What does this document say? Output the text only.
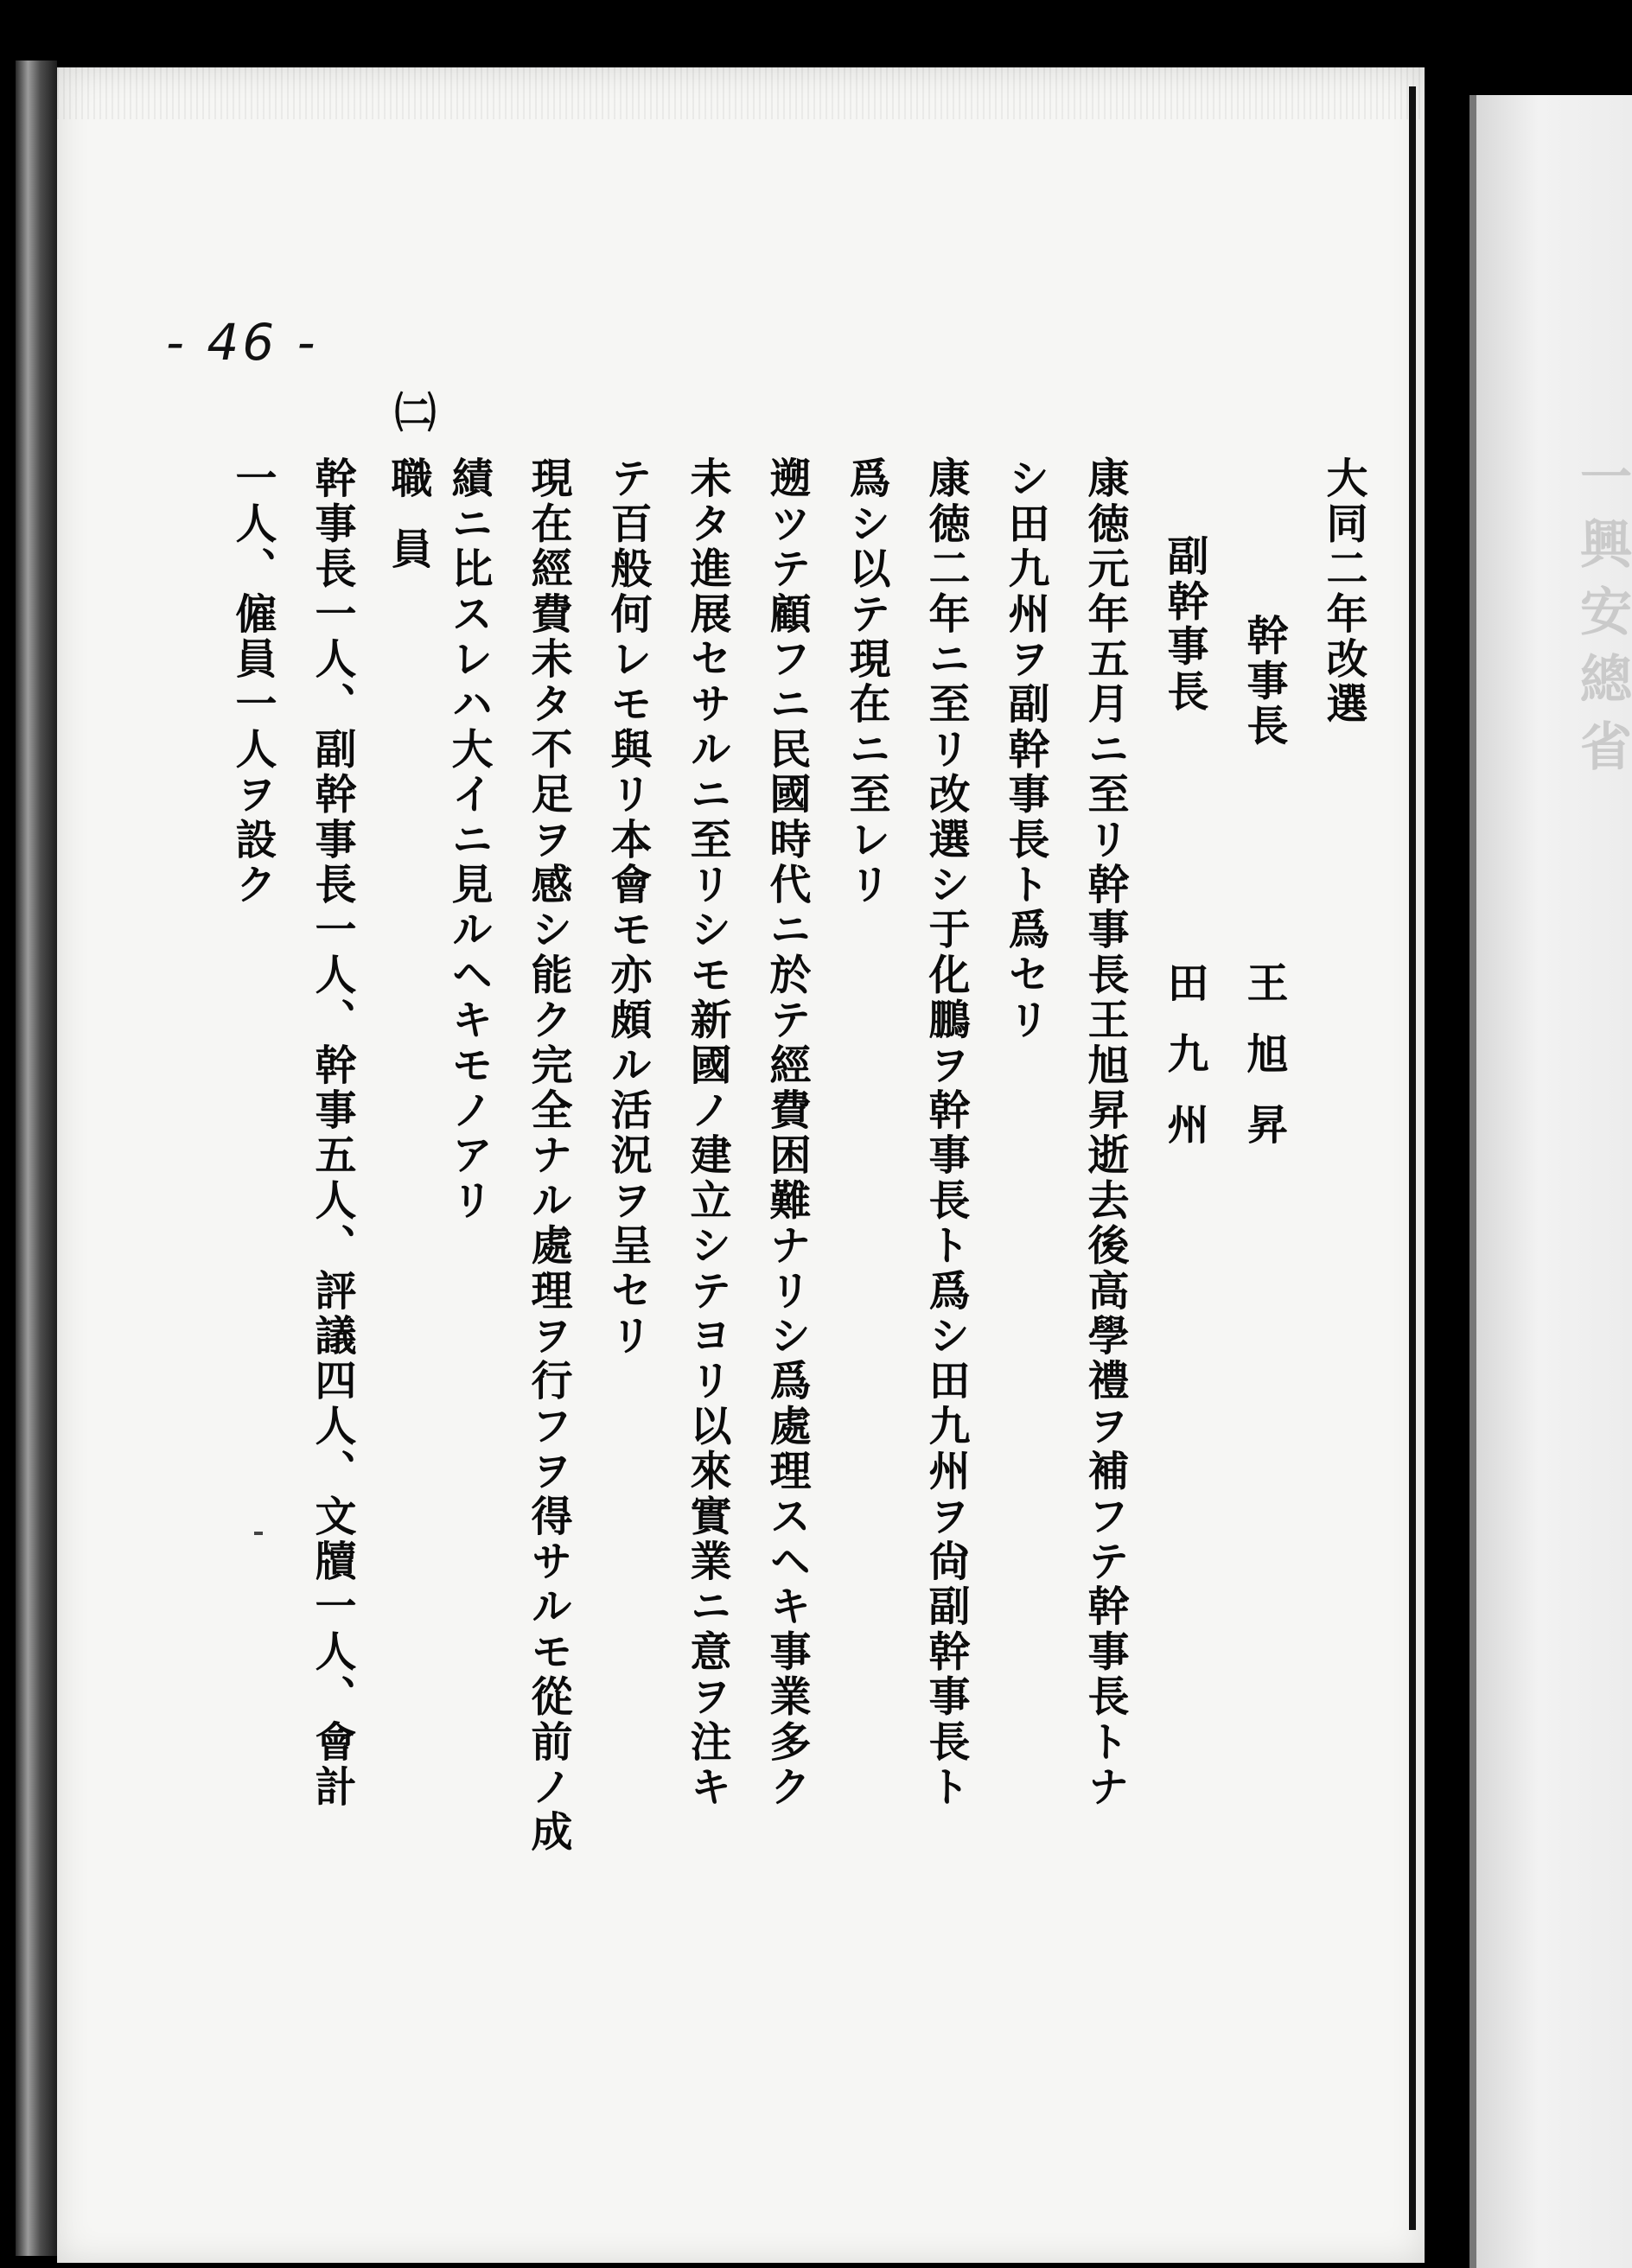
一興安總省
- 46 -
大同二年改選
幹事長
王旭昇
副幹事長
田九州
康徳元年五月ニ至リ幹事長王旭昇逝去後高學禮ヲ補フテ幹事長トナ
シ田九州ヲ副幹事長ト爲セリ
康徳二年ニ至リ改選シ于化鵬ヲ幹事長ト爲シ田九州ヲ尙副幹事長ト
爲シ以テ現在ニ至レリ
遡ツテ顧フニ民國時代ニ於テ經費困難ナリシ爲處理スヘキ事業多ク
未タ進展セサルニ至リシモ新國ノ建立シテヨリ以來實業ニ意ヲ注キ
テ百般何レモ與リ本會モ亦頗ル活況ヲ呈セリ
現在經費未タ不足ヲ感シ能ク完全ナル處理ヲ行フヲ得サルモ從前ノ成
績ニ比スレハ大イニ見ルヘキモノアリ
㈡
職員
幹事長一人、副幹事長一人、幹事五人、評議四人、文牘一人、會計
一人、僱員一人ヲ設ク
